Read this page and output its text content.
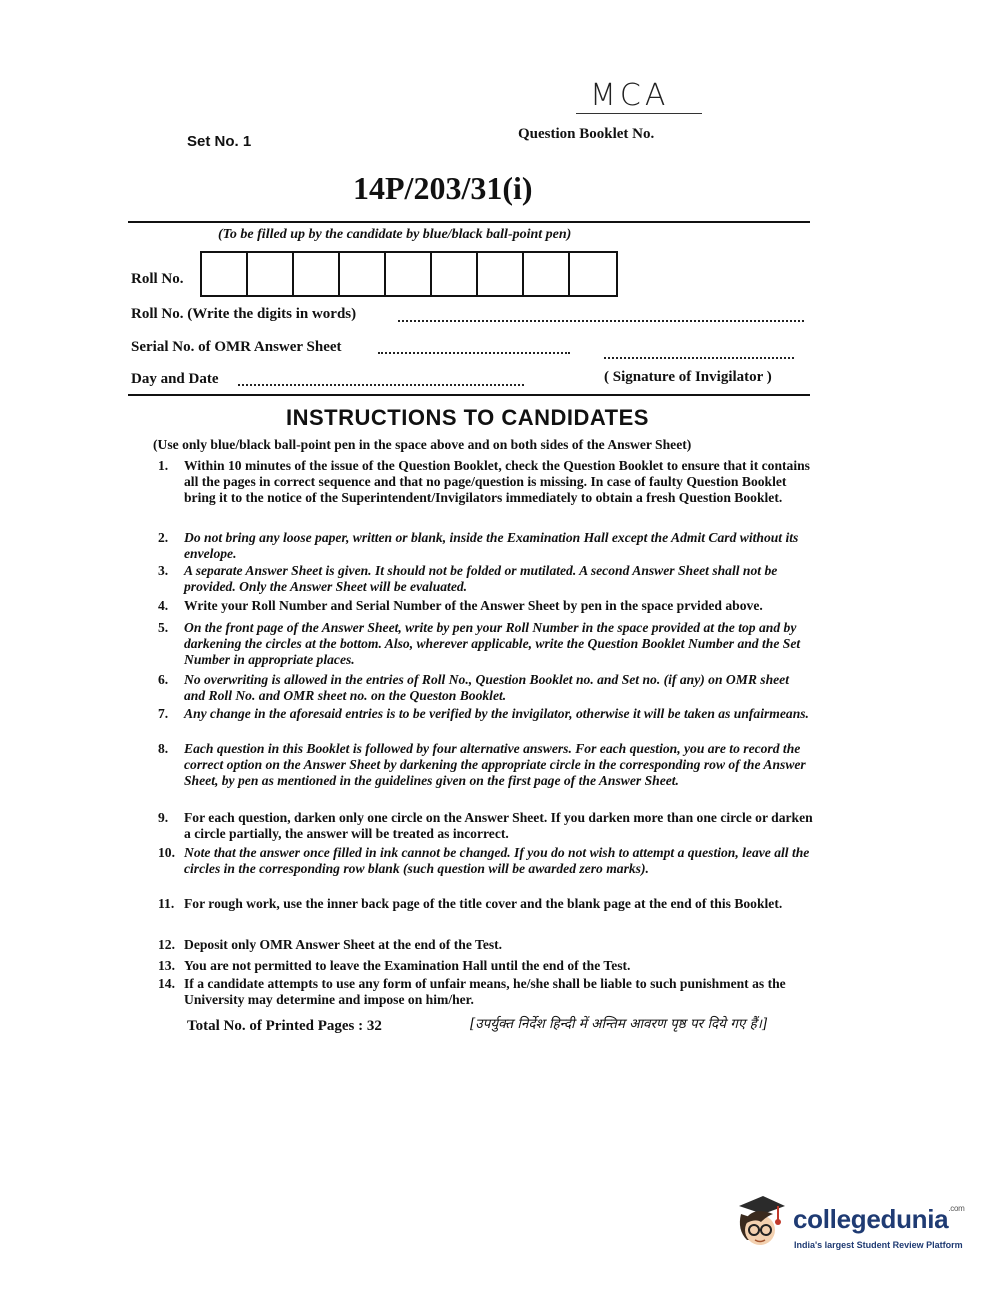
MCA
Set No. 1	Question Booklet No.
14P/203/31(i)
(To be filled up by the candidate by blue/black ball-point pen)
Roll No.
Roll No. (Write the digits in words)
Serial No. of OMR Answer Sheet
Day and Date	( Signature of Invigilator )
INSTRUCTIONS TO CANDIDATES
(Use only blue/black ball-point pen in the space above and on both sides of the Answer Sheet)
1.	Within 10 minutes of the issue of the Question Booklet, check the Question Booklet to ensure that it contains all the pages in correct sequence and that no page/question is missing. In case of faulty Question Booklet bring it to the notice of the Superintendent/Invigilators immediately to obtain a fresh Question Booklet.
2.	Do not bring any loose paper, written or blank, inside the Examination Hall except the Admit Card without its envelope.
3.	A separate Answer Sheet is given. It should not be folded or mutilated. A second Answer Sheet shall not be provided. Only the Answer Sheet will be evaluated.
4.	Write your Roll Number and Serial Number of the Answer Sheet by pen in the space prvided above.
5.	On the front page of the Answer Sheet, write by pen your Roll Number in the space provided at the top and by darkening the circles at the bottom. Also, wherever applicable, write the Question Booklet Number and the Set Number in appropriate places.
6.	No overwriting is allowed in the entries of Roll No., Question Booklet no. and Set no. (if any) on OMR sheet and Roll No. and OMR sheet no. on the Queston Booklet.
7.	Any change in the aforesaid entries is to be verified by the invigilator, otherwise it will be taken as unfairmeans.
8.	Each question in this Booklet is followed by four alternative answers. For each question, you are to record the correct option on the Answer Sheet by darkening the appropriate circle in the corresponding row of the Answer Sheet, by pen as mentioned in the guidelines given on the first page of the Answer Sheet.
9.	For each question, darken only one circle on the Answer Sheet. If you darken more than one circle or darken a circle partially, the answer will be treated as incorrect.
10. Note that the answer once filled in ink cannot be changed. If you do not wish to attempt a question, leave all the circles in the corresponding row blank (such question will be awarded zero marks).
11. For rough work, use the inner back page of the title cover and the blank page at the end of this Booklet.
12. Deposit only OMR Answer Sheet at the end of the Test.
13. You are not permitted to leave the Examination Hall until the end of the Test.
14. If a candidate attempts to use any form of unfair means, he/she shall be liable to such punishment as the University may determine and impose on him/her.
Total No. of Printed Pages : 32	[उपर्युक्त निर्देश हिन्दी में अन्तिम आवरण पृष्ठ पर दिये गए हैं।]
collegedunia$^{.com}$
India's largest Student Review Platform
